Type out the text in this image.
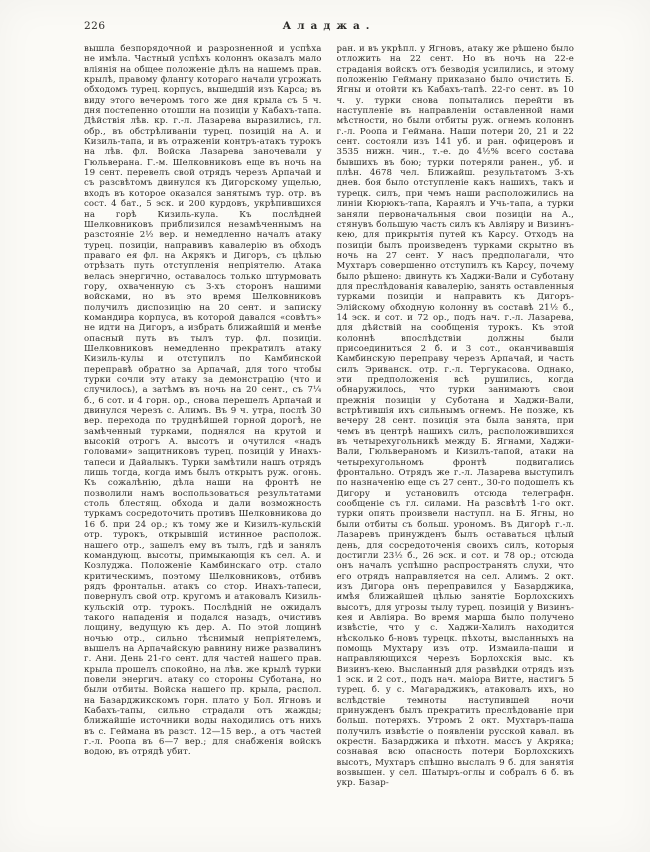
226	Аладжа.
вышла безпорядочной и разрозненной и успѣха не имѣла. Частный успѣхъ колоннъ оказалъ мало вліянія на общее положеніе дѣлъ на нашемъ прав. крылѣ, правому флангу котораго начали угрожать обходомъ турец. корпусъ, вышедшій изъ Карса; въ виду этого вечеромъ того же дня крыла съ 5 ч. дня постепенно отошли на позиціи у Кабахъ-тапа. Дѣйствія лѣв. кр. г.-л. Лазарева выразились, гл. обр., въ обстрѣливаніи турец. позицій на А. и Кизиль-тапа, и въ отраженіи контръ-атакъ турокъ на лѣв. фл. Войска Лазарева заночевали у Гюльверана. Г.-м. Шелковниковъ еще въ ночь на 19 сент. перевелъ свой отрядъ черезъ Арпачай и съ разсвѣтомъ двинулся къ Дигорскому ущелью, входъ въ которое оказался занятымъ тур. отр. въ сост. 4 бат., 5 эск. и 200 курдовъ, укрѣпившихся на горѣ Кизиль-кула. Къ послѣдней Шелковниковъ приблизился незамѣченнымъ на разстояніе 2½ вер. и немедленно началъ атаку турец. позиціи, направивъ кавалерію въ обходъ праваго ея фл. на Акрякъ и Дигоръ, съ цѣлью отрѣзать путь отступленія непріятелю. Атака велась энергично, оставалось только штурмовать гору, охваченную съ 3-хъ сторонъ нашими войсками, но въ это время Шелковниковъ получилъ диспозицію на 20 сент. и записку командира корпуса, въ которой давался «совѣтъ» не идти на Дигоръ, а избрать ближайшій и менѣе опасный путь въ тылъ тур. фл. позиціи. Шелковниковъ немедленно прекратилъ атаку Кизиль-кулы и отступилъ по Камбинской переправѣ обратно за Арпачай, для того чтобы турки сочли эту атаку за демонстрацію (что и случилось), а затѣмъ въ ночь на 20 сент., съ 7¼ б., 6 сот. и 4 горн. ор., снова перешелъ Арпачай и двинулся черезъ с. Алимъ. Въ 9 ч. утра, послѣ 30 вер. перехода по труднѣйшей горной дорогѣ, не замѣченный турками, поднялся на крутой и высокій отрогъ А. высотъ и очутился «надъ головами» защитниковъ турец. позицій у Инахъ-тапеси и Дайалыкъ. Турки замѣтили нашъ отрядъ лишь тогда, когда имъ былъ открытъ руж. огонь. Къ сожалѣнію, дѣла наши на фронтѣ не позволили намъ воспользоваться результатами столь блестящ. обхода и дали возможность туркамъ сосредоточить противъ Шелковникова до 16 б. при 24 ор.; къ тому же и Кизилъ-кульскій отр. турокъ, открывшій истинное располож. нашего отр., зашелъ ему въ тылъ, гдѣ и занялъ командующ. высоты, примыкающія къ сел. А. и Козлуджа. Положеніе Камбинскаго отр. стало критическимъ, поэтому Шелковниковъ, отбивъ рядъ фронтальн. атакъ со стор. Инахъ-тапеси, повернулъ свой отр. кругомъ и атаковалъ Кизиль-кульскій отр. турокъ. Послѣдній не ожидалъ такого нападенія и подался назадъ, очистивъ лощину, ведущую къ дер. А. По этой лощинѣ ночью отр., сильно тѣснимый непріятелемъ, вышелъ на Арпачайскую равнину ниже развалинъ г. Ани. День 21-го сент. для частей нашего прав. крыла прошелъ спокойно, на лѣв. же крылѣ турки повели энергич. атаку со стороны Суботана, но были отбиты. Войска нашего пр. крыла, распол. на Базарджикскомъ горн. плато у Бол. Ягновъ и Кабахъ-тапы, сильно страдали отъ жажды; ближайшіе источники воды находились отъ нихъ въ с. Геймана въ разст. 12—15 вер., а отъ частей г.-л. Роопа въ 6—7 вер.; для снабженія войскъ водою, въ отрядѣ убит.
ран. и въ укрѣпл. у Ягновъ, атаку же рѣшено было отложить на 22 сент. Но въ ночь на 22-е страданія войскъ отъ безводія усилились, и этому положенію Гейману приказано было очистить Б. Ягны и отойти къ Кабахъ-тапѣ. 22-го сент. въ 10 ч. у. турки снова попытались перейти въ наступленіе въ направленіи оставленной нами мѣстности, но были отбиты руж. огнемъ колоннъ г.-л. Роопа и Геймана. Наши потери 20, 21 и 22 сент. состояли изъ 141 уб. и ран. офицеровъ и 3535 нижн. чин., т.-е. до 4½% всего состава бывшихъ въ бою; турки потеряли ранен., уб. и плѣн. 4678 чел. Ближайш. результатомъ 3-хъ днев. боя было отступленіе какъ нашихъ, такъ и турецк. силъ, при чемъ наши расположились на линіи Кюрюкъ-тапа, Караялъ и Учь-тапа, а турки заняли первоначальныя свои позиціи на А., стянувъ большую часть силъ къ Авліяру и Визинъ-кею, для прикрытія путей къ Карсу. Отходъ на позиціи былъ произведенъ турками скрытно въ ночь на 27 сент. У насъ предполагали, что Мухтаръ совершенно отступилъ къ Карсу, почему было рѣшено: двинуть къ Хаджи-Вали и Суботану для преслѣдованія кавалерію, занять оставленныя турками позиціи и направить къ Дигоръ-Элійскому обходную колонну въ составѣ 21½ б., 14 эск. и сот. и 72 ор., подъ нач. г.-л. Лазарева, для дѣйствій на сообщенія турокъ. Къ этой колоннѣ впослѣдствіи должны были присоединиться 2 б. и 3 сот., оканчивавшія Камбинскую переправу черезъ Арпачай, и часть силъ Эриванск. отр. г.-л. Тергукасова. Однако, эти предположенія всѣ рушились, когда обнаружилось, что турки занимаютъ свои прежнія позиціи у Суботана и Хаджи-Вали, встрѣтившія ихъ сильнымъ огнемъ. Не позже, къ вечеру 28 сент. позиція эта была занята, при чемъ въ центрѣ нашихъ силъ, расположившихся въ четырехугольникѣ между Б. Ягнами, Хаджи-Вали, Гюльвераномъ и Кизилъ-тапой, атаки на четырехугольномъ фронтѣ подвигались фронтально. Отрядъ же г.-л. Лазарева выступилъ по назначенію еще съ 27 сент., 30-го подошелъ къ Дигору и установилъ отсюда телеграфн. сообщеніе съ гл. силами. На разсвѣтѣ 1-го окт. турки опять произвели наступл. на Б. Ягны, но были отбиты съ больш. урономъ. Въ Дигорѣ г.-л. Лазаревъ принужденъ былъ оставаться цѣлый день, для сосредоточенія своихъ силъ, которыя достигли 23½ б., 26 эск. и сот. и 78 ор.; отсюда онъ началъ успѣшно распространять слухи, что его отрядъ направляется на сел. Алимъ. 2 окт. изъ Дигора онъ переправился у Базарджика, имѣя ближайшей цѣлью занятіе Борлохскихъ высотъ, для угрозы тылу турец. позицій у Визинъ-кея и Авліяра. Во время марша было получено извѣстіе, что у с. Хаджи-Халилъ находится нѣсколько б-новъ турецк. пѣхоты, высланныхъ на помощь Мухтару изъ отр. Измаила-паши и направляющихся черезъ Борлохскія выс. къ Визинъ-кею. Высланный для развѣдки отрядъ изъ 1 эск. и 2 сот., подъ нач. маіора Витте, настигъ 5 турец. б. у с. Магараджикъ, атаковалъ ихъ, но вслѣдствіе темноты наступившей ночи принужденъ былъ прекратить преслѣдованіе при больш. потеряхъ. Утромъ 2 окт. Мухтаръ-паша получилъ извѣстіе о появленіи русской кавал. въ окрестн. Базарджика и пѣхотн. массъ у Акряка; сознавая всю опасность потери Борлохскихъ высотъ, Мухтаръ спѣшно выслалъ 9 б. для занятія возвышен. у сел. Шатыръ-оглы и собралъ 6 б. въ укр. Базар-
